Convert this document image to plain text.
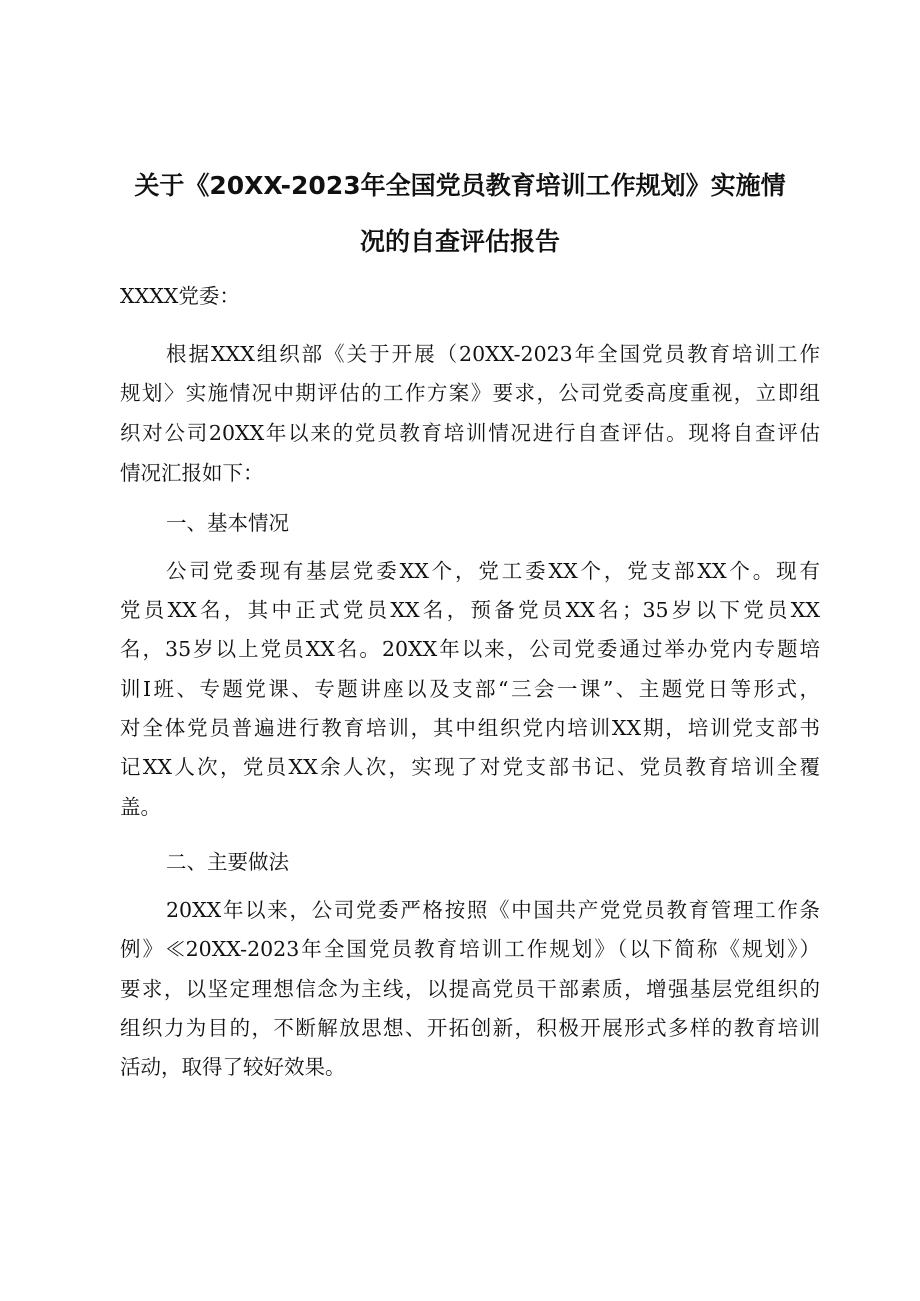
关于《20XX-2023年全国党员教育培训工作规划》实施情
况的自查评估报告
XXXX党委：
根据XXX组织部《关于开展（20XX-2023年全国党员教育培训工作
规划〉实施情况中期评估的工作方案》要求，公司党委高度重视，立即组
织对公司20XX年以来的党员教育培训情况进行自查评估。现将自查评估
情况汇报如下：
一、基本情况
公司党委现有基层党委XX个，党工委XX个，党支部XX个。现有
党员XX名，其中正式党员XX名，预备党员XX名；35岁以下党员XX
名，35岁以上党员XX名。20XX年以来，公司党委通过举办党内专题培
训I班、专题党课、专题讲座以及支部“三会一课”、主题党日等形式，
对全体党员普遍进行教育培训，其中组织党内培训XX期，培训党支部书
记XX人次，党员XX余人次，实现了对党支部书记、党员教育培训全覆
盖。
二、主要做法
20XX年以来，公司党委严格按照《中国共产党党员教育管理工作条
例》≪20XX-2023年全国党员教育培训工作规划》（以下简称《规划》）
要求，以坚定理想信念为主线，以提高党员干部素质，增强基层党组织的
组织力为目的，不断解放思想、开拓创新，积极开展形式多样的教育培训
活动，取得了较好效果。
